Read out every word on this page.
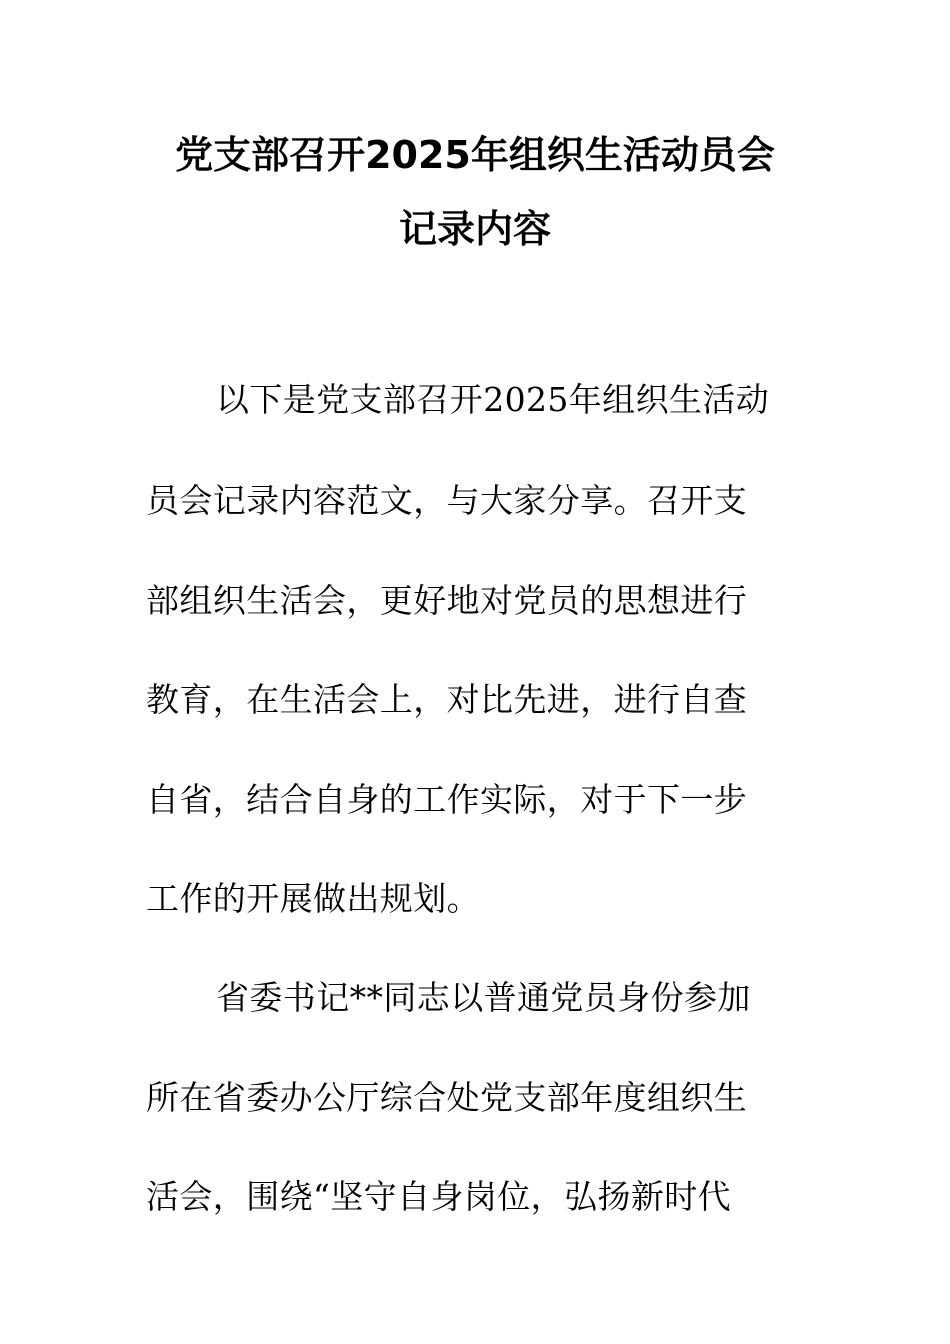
党支部召开2025年组织生活动员会
记录内容
以下是党支部召开2025年组织生活动
员会记录内容范文，与大家分享。召开支
部组织生活会，更好地对党员的思想进行
教育，在生活会上，对比先进，进行自查
自省，结合自身的工作实际，对于下一步
工作的开展做出规划。
省委书记**同志以普通党员身份参加
所在省委办公厅综合处党支部年度组织生
活会，围绕“坚守自身岗位，弘扬新时代
